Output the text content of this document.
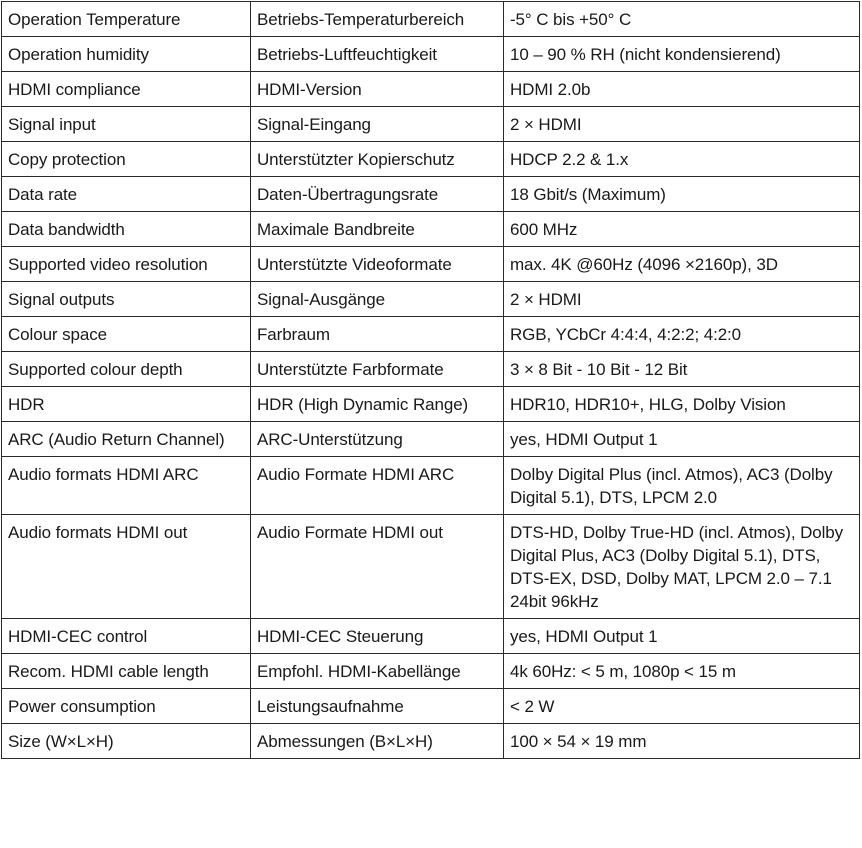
Operation Temperature	Betriebs-Temperaturbereich	-5° C bis +50° C
Operation humidity	Betriebs-Luftfeuchtigkeit	10 – 90 % RH (nicht kondensierend)
HDMI compliance	HDMI-Version	HDMI 2.0b
Signal input	Signal-Eingang	2 × HDMI
Copy protection	Unterstützter Kopierschutz	HDCP 2.2 & 1.x
Data rate	Daten-Übertragungsrate	18 Gbit/s (Maximum)
Data bandwidth	Maximale Bandbreite	600 MHz
Supported video resolution	Unterstützte Videoformate	max. 4K @60Hz (4096 ×2160p), 3D
Signal outputs	Signal-Ausgänge	2 × HDMI
Colour space	Farbraum	RGB, YCbCr 4:4:4, 4:2:2; 4:2:0
Supported colour depth	Unterstützte Farbformate	3 × 8 Bit - 10 Bit - 12 Bit
HDR	HDR (High Dynamic Range)	HDR10, HDR10+, HLG, Dolby Vision
ARC (Audio Return Channel)	ARC-Unterstützung	yes, HDMI Output 1
Audio formats HDMI ARC	Audio Formate HDMI ARC	Dolby Digital Plus (incl. Atmos), AC3 (Dolby Digital 5.1), DTS, LPCM 2.0
Audio formats HDMI out	Audio Formate HDMI out	DTS-HD, Dolby True-HD (incl. Atmos), Dolby Digital Plus, AC3 (Dolby Digital 5.1), DTS, DTS-EX, DSD, Dolby MAT, LPCM 2.0 – 7.1 24bit 96kHz
HDMI-CEC control	HDMI-CEC Steuerung	yes, HDMI Output 1
Recom. HDMI cable length	Empfohl. HDMI-Kabellänge	4k 60Hz: < 5 m, 1080p < 15 m
Power consumption	Leistungsaufnahme	< 2 W
Size (W×L×H)	Abmessungen (B×L×H)	100 × 54 × 19 mm
